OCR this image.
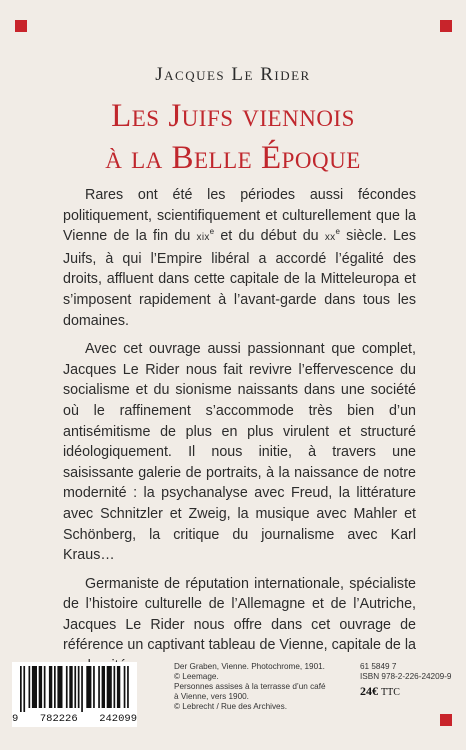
Jacques Le Rider
Les Juifs viennois
à la Belle Époque

Rares ont été les périodes aussi fécondes politiquement, scientifiquement et culturellement que la Vienne de la fin du xix$^e$ et du début du $xx^e$ siècle. Les Juifs, à qui l’Empire libéral a accordé l’égalité des droits, affluent dans cette capitale de la Mitteleuropa et s’imposent rapidement à l’avant-garde dans tous les domaines.

Avec cet ouvrage aussi passionnant que complet, Jacques Le Rider nous fait revivre l’effervescence du socialisme et du sionisme naissants dans une société où le raffinement s’accommode très bien d’un antisémitisme de plus en plus virulent et structuré idéologiquement. Il nous initie, à travers une saisissante galerie de portraits, à la naissance de notre modernité : la psychanalyse avec Freud, la littérature avec Schnitzler et Zweig, la musique avec Mahler et Schönberg, la critique du journalisme avec Karl Kraus…

Germaniste de réputation internationale, spécialiste de l’histoire culturelle de l’Allemagne et de l’Autriche, Jacques Le Rider nous offre dans cet ouvrage de référence un captivant tableau de Vienne, capitale de la

9 782226 242099
Der Graben, Vienne. Photochrome, 1901.
© Leemage.
Personnes assises à la terrasse d’un café
à Vienne, vers 1900.
© Lebrecht / Rue des Archives.
61 5849 7
ISBN 978-2-226-24209-9
24€ TTC
